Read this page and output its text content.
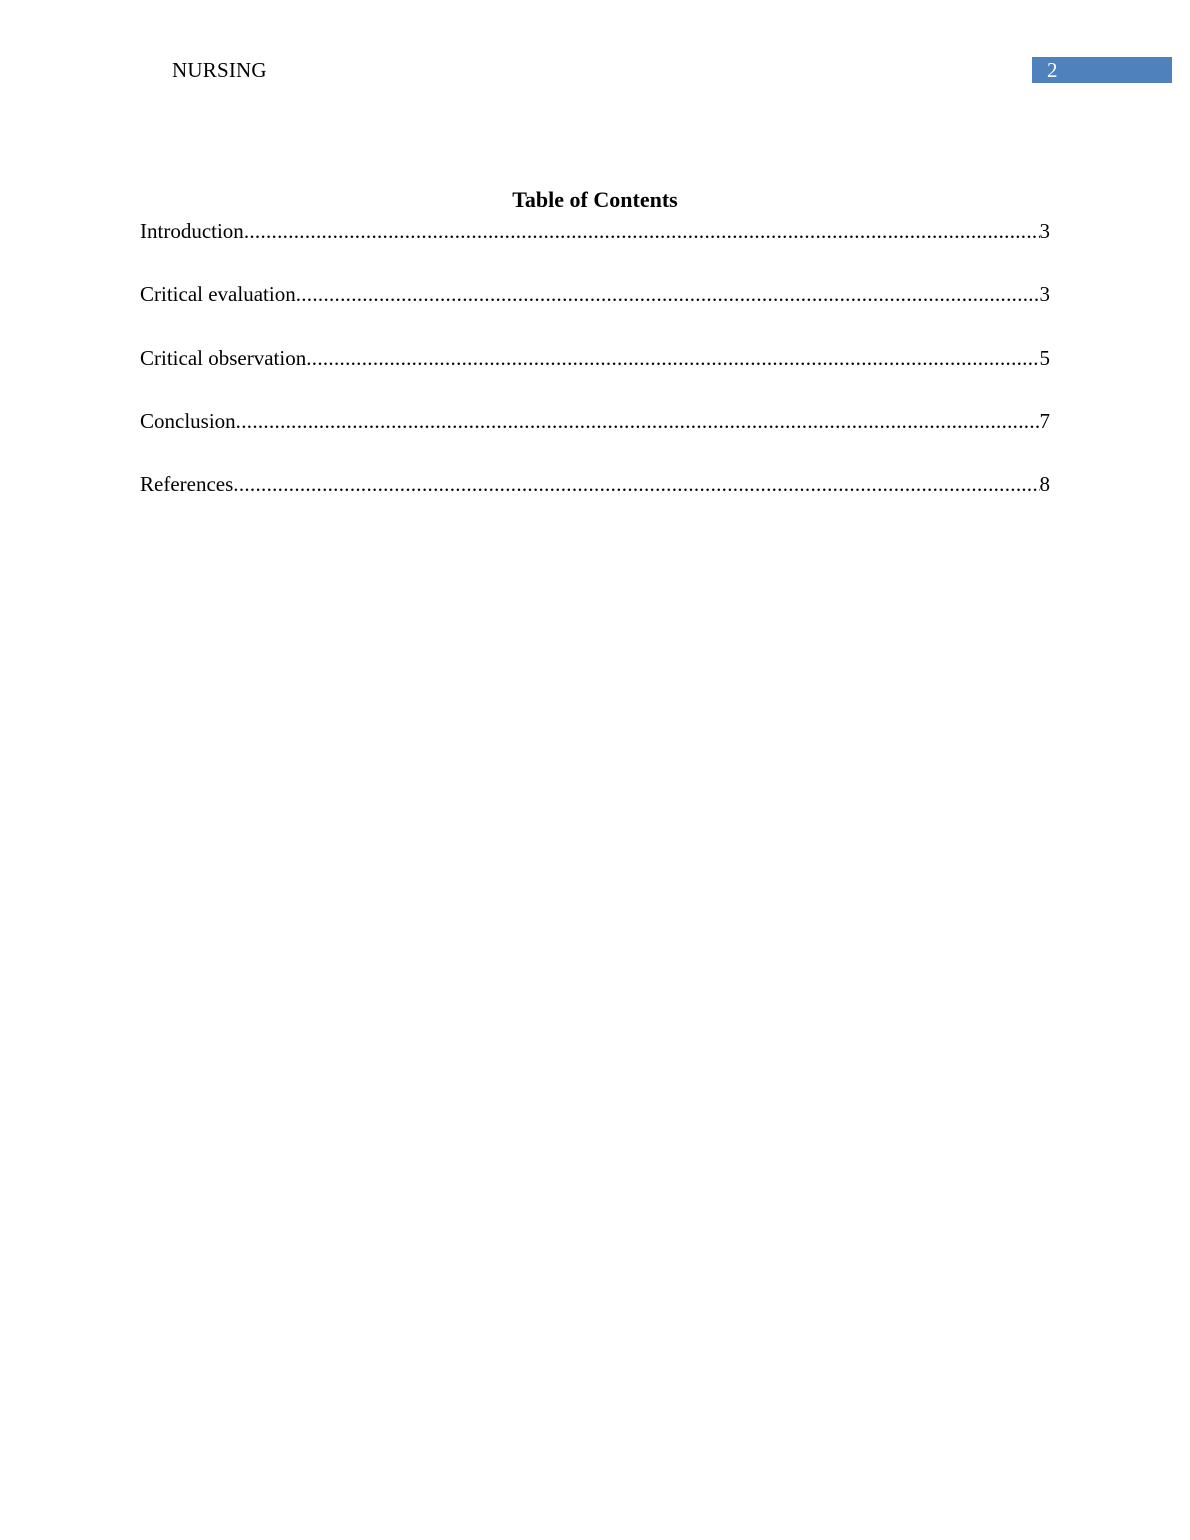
NURSING	2
Table of Contents
Introduction .....	3
Critical evaluation .....	3
Critical observation .....	5
Conclusion .....	7
References .....	8
